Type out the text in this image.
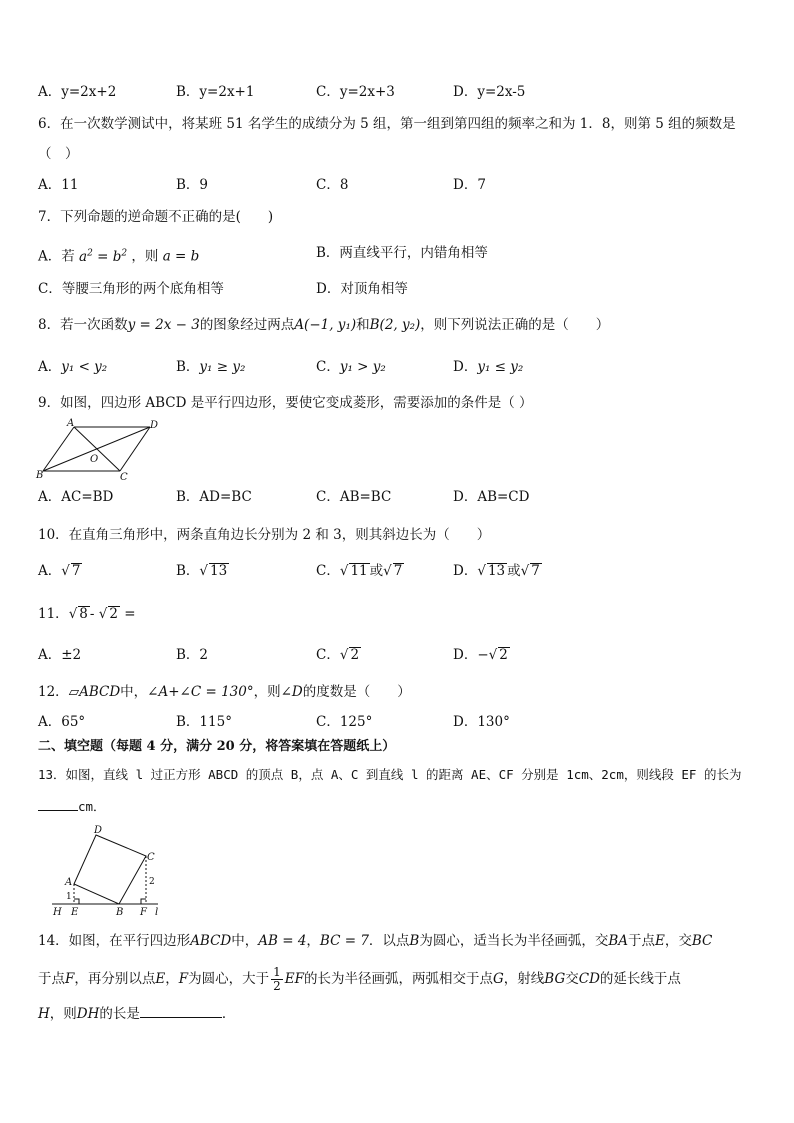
A．y=2x+2	B．y=2x+1	C．y=2x+3	D．y=2x-5
6．在一次数学测试中，将某班 51 名学生的成绩分为 5 组，第一组到第四组的频率之和为 1．8，则第 5 组的频数是
（　）
A．11	B．9	C．8	D．7
7．下列命题的逆命题不正确的是(　　)
A．若 $a^2 = b^2$ ，则 a = b	B．两直线平行，内错角相等
C．等腰三角形的两个底角相等	D．对顶角相等
8．若一次函数y = 2x − 3的图象经过两点A(−1, y₁)和B(2, y₂)，则下列说法正确的是（　　）
A．y₁ < y₂	B．y₁ ≥ y₂	C．y₁ > y₂	D．y₁ ≤ y₂
9．如图，四边形 ABCD 是平行四边形，要使它变成菱形，需要添加的条件是（ ）
A
B	C
D
O
A．AC=BD	B．AD=BC	C．AB=BC	D．AB=CD
10．在直角三角形中，两条直角边长分别为 2 和 3，则其斜边长为（　　）
A．√ 7	B．√ 13	C．√ 11 或√ 7	D．√ 13 或√ 7
11．√ 8 - √ 2 =
A．±2	B．2	C．√ 2	D．−√ 2
12．▱ABCD中，∠A+∠C = 130°，则∠D的度数是（　　）
A．65°	B．115°	C．125°	D．130°
二、填空题（每题 4 分，满分 20 分，将答案填在答题纸上）
13．如图，直线 l 过正方形 ABCD 的顶点 B，点 A、C 到直线 l 的距离 AE、CF 分别是 1cm、2cm，则线段 EF 的长为
cm．
D
C
A
H E	B F l
1
2
14．如图，在平行四边形ABCD中，AB = 4，BC = 7．以点B为圆心，适当长为半径画弧，交BA于点E，交BC
于点F，再分别以点E，F为圆心，大于 $\frac{1}{2}$ EF的长为半径画弧，两弧相交于点G，射线BG交CD的延长线于点
H，则DH的长是	．
